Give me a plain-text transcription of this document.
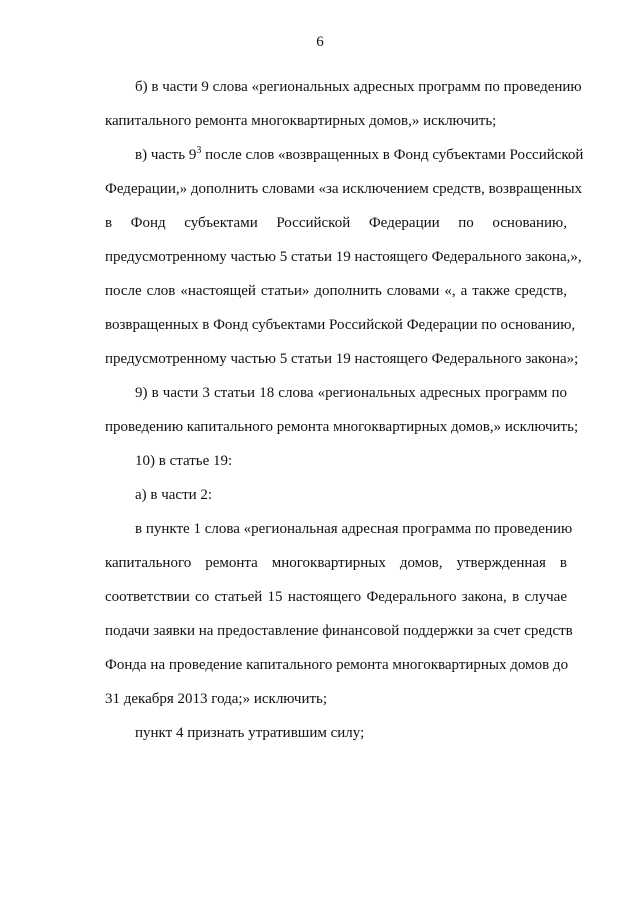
6
б) в части 9 слова «региональных адресных программ по проведению
капитального ремонта многоквартирных домов,» исключить;
в) часть $9^3$ после слов «возвращенных в Фонд субъектами Российской
Федерации,» дополнить словами «за исключением средств, возвращенных
в Фонд субъектами Российской Федерации по основанию,
предусмотренному частью 5 статьи 19 настоящего Федерального закона,»,
после слов «настоящей статьи» дополнить словами «, а также средств,
возвращенных в Фонд субъектами Российской Федерации по основанию,
предусмотренному частью 5 статьи 19 настоящего Федерального закона»;
9) в части 3 статьи 18 слова «региональных адресных программ по
проведению капитального ремонта многоквартирных домов,» исключить;
10) в статье 19:
а) в части 2:
в пункте 1 слова «региональная адресная программа по проведению
капитального ремонта многоквартирных домов, утвержденная в
соответствии со статьей 15 настоящего Федерального закона, в случае
подачи заявки на предоставление финансовой поддержки за счет средств
Фонда на проведение капитального ремонта многоквартирных домов до
31 декабря 2013 года;» исключить;
пункт 4 признать утратившим силу;
